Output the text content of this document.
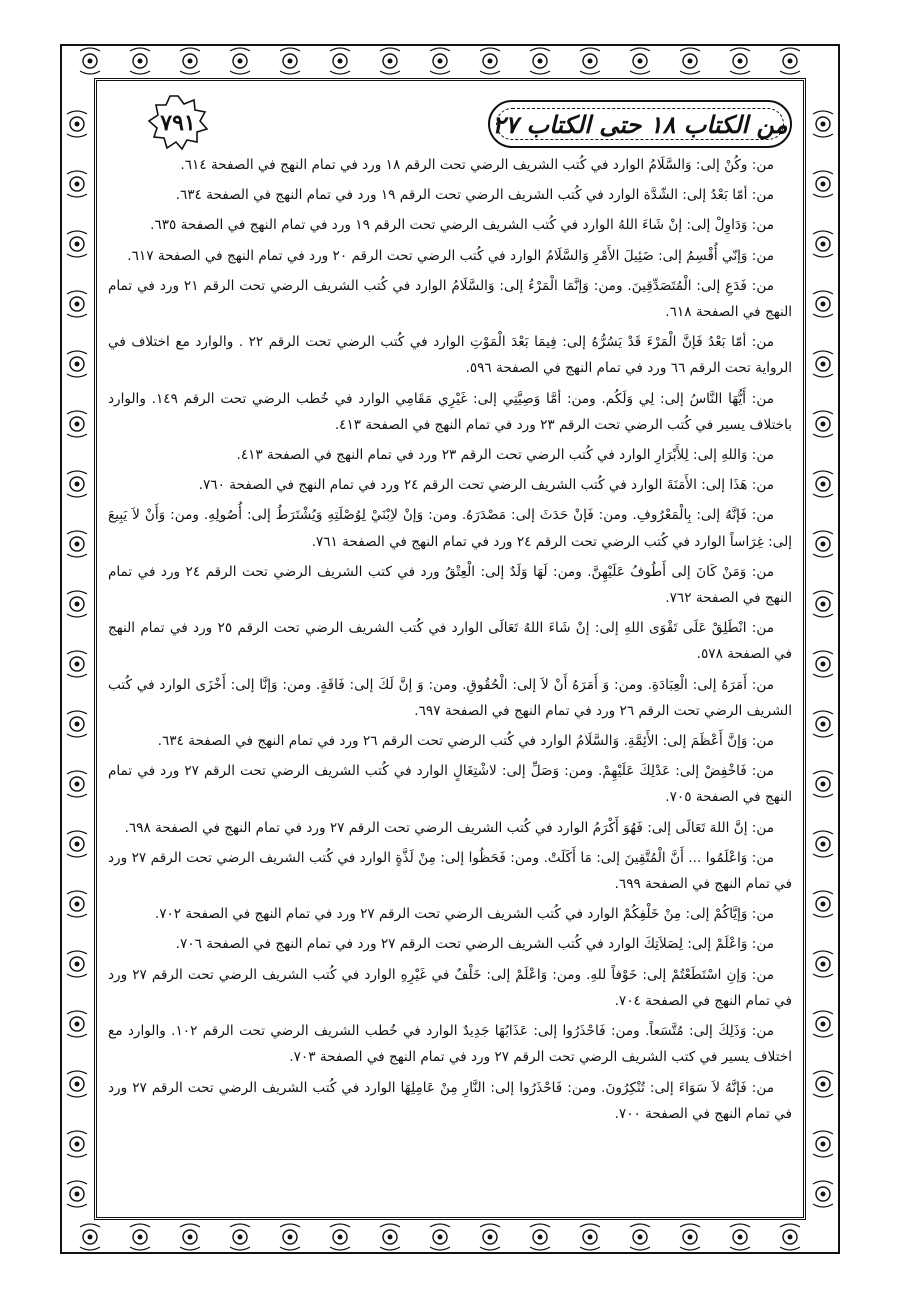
من الكتاب ١٨ حتى الكتاب ٢٧
٧٩١

من: وكُنْ إلى: وَالسَّلَامُ الوارد في كُتب الشريف الرضي تحت الرقم ١٨ ورد في تمام النهج في الصفحة ٦١٤.

من: أمّا بَعْدُ إلى: الشّدَّة الوارد في كُتب الشريف الرضي تحت الرقم ١٩ ورد في تمام النهج في الصفحة ٦٣٤.

من: وَدَاوِلْ إلى: إنْ شَاءَ اللهُ الوارد في كُتب الشريف الرضي تحت الرقم ١٩ ورد في تمام النهج في الصفحة ٦٣٥.

من: وَإنّي أُقْسِمُ إلى: ضَئِيلَ الأَمْرِ وَالسَّلَامُ الوارد في كُتب الرضي تحت الرقم ٢٠ ورد في تمام النهج في الصفحة ٦١٧.

من: فَدَعِ إلى: الْمُتَصَدِّقِينَ. ومن: وَإنَّمَا الْمَرْءُ إلى: وَالسَّلَامُ الوارد في كُتب الشريف الرضي تحت الرقم ٢١ ورد في تمام النهج في الصفحة ٦١٨.

من: أمّا بَعْدُ فَإنَّ الْمَرْءَ قَدْ يَسُرُّهُ إلى: فِيمَا بَعْدَ الْمَوْتِ الوارد في كُتب الرضي تحت الرقم ٢٢ . والوارد مع اختلاف في الرواية تحت الرقم ٦٦ ورد في تمام النهج في الصفحة ٥٩٦.

من: أَيُّهَا النَّاسُ إلى: لِي وَلَكُم. ومن: أمَّا وَصِيَّتِي إلى: غَيْرِي مَقَامِي الوارد في خُطب الرضي تحت الرقم ١٤٩. والوارد باختلاف يسير في كُتب الرضي تحت الرقم ٢٣ ورد في تمام النهج في الصفحة ٤١٣.

من: وَاللهِ إلى: لِلأَبْرَارِ الوارد في كُتب الرضي تحت الرقم ٢٣ ورد في تمام النهج في الصفحة ٤١٣.

من: هَذَا إلى: الأَمَنَةَ الوارد في كُتب الشريف الرضي تحت الرقم ٢٤ ورد في تمام النهج في الصفحة ٧٦٠.

من: فَإنَّهُ إلى: بِالْمَعْرُوفِ. ومن: فَإنْ حَدَثَ إلى: مَصْدَرَهُ. ومن: وَإنْ لاِبْنَيْ لِوُصْلَتِهِ وَيُشْتَرَطُ إلى: أُصُولِهِ. ومن: وَأَنْ لاَ يَبِيعَ إلى: غِرَاساً الوارد في كُتب الرضي تحت الرقم ٢٤ ورد في تمام النهج في الصفحة ٧٦١.

من: وَمَنْ كَانَ إلى أَطُوفُ عَلَيْهِنَّ. ومن: لَهَا وَلَدٌ إلى: الْعِتْقُ ورد في كتب الشريف الرضي تحت الرقم ٢٤ ورد في تمام النهج في الصفحة ٧٦٢.

من: انْطَلِقْ عَلَى تَقْوَى اللهِ إلى: إنْ شَاءَ اللهُ تَعَالَى الوارد في كُتب الشريف الرضي تحت الرقم ٢٥ ورد في تمام النهج في الصفحة ٥٧٨.

من: أَمَرَهُ إلى: الْعِبَادَةِ. ومن: وَ أَمَرَهُ أَنْ لاَ إلى: الْحُقُوقِ. ومن: وَ إنَّ لَكَ إلى: فَاقَةٍ. ومن: وَإنَّا إلى: أَخْزَى الوارد في كُتب الشريف الرضي تحت الرقم ٢٦ ورد في تمام النهج في الصفحة ٦٩٧.

من: وَإنَّ أَعْظَمَ إلى: الأَئِمَّةِ. وَالسَّلَامُ الوارد في كُتب الرضي تحت الرقم ٢٦ ورد في تمام النهج في الصفحة ٦٣٤.

من: فَاخْفِضْ إلى: عَدْلِكَ عَلَيْهِمْ. ومن: وَصَلِّ إلى: لاشْتِغَالٍ الوارد في كُتب الشريف الرضي تحت الرقم ٢٧ ورد في تمام النهج في الصفحة ٧٠٥.

من: إنَّ اللهَ تَعَالَى إلى: فَهُوَ أَكْرَمُ الوارد في كُتب الشريف الرضي تحت الرقم ٢٧ ورد في تمام النهج في الصفحة ٦٩٨.

من: وَاعْلَمُوا ... أَنَّ الْمُتَّقِينَ إلى: مَا أَكَلَتْ. ومن: فَحَظُوا إلى: مِنْ لَذَّةٍ الوارد في كُتب الشريف الرضي تحت الرقم ٢٧ ورد في تمام النهج في الصفحة ٦٩٩.

من: وَإيَّاكُمْ إلى: مِنْ خَلْفِكُمْ الوارد في كُتب الشريف الرضي تحت الرقم ٢٧ ورد في تمام النهج في الصفحة ٧٠٢.

من: وَاعْلَمْ إلى: لِصَلاَتِكَ الوارد في كُتب الشريف الرضي تحت الرقم ٢٧ ورد في تمام النهج في الصفحة ٧٠٦.

من: وَإنِ اسْتَطَعْتُمْ إلى: خَوْفاً للهِ. ومن: وَاعْلَمْ إلى: خَلْفٌ في غَيْرِهِ الوارد في كُتب الشريف الرضي تحت الرقم ٢٧ ورد في تمام النهج في الصفحة ٧٠٤.

من: وَذَلِكَ إلى: مُتَّسَعاً. ومن: فَاحْذَرُوا إلى: عَذَابُهَا جَدِيدٌ الوارد في خُطب الشريف الرضي تحت الرقم ١٠٢. والوارد مع اختلاف يسير في كتب الشريف الرضي تحت الرقم ٢٧ ورد في تمام النهج في الصفحة ٧٠٣.

من: فَإنَّهُ لاَ سَوَاءَ إلى: تُنْكِرُونَ. ومن: فَاحْذَرُوا إلى: النَّارِ مِنْ عَامِلِهَا الوارد في كُتب الشريف الرضي تحت الرقم ٢٧ ورد في تمام النهج في الصفحة ٧٠٠.
